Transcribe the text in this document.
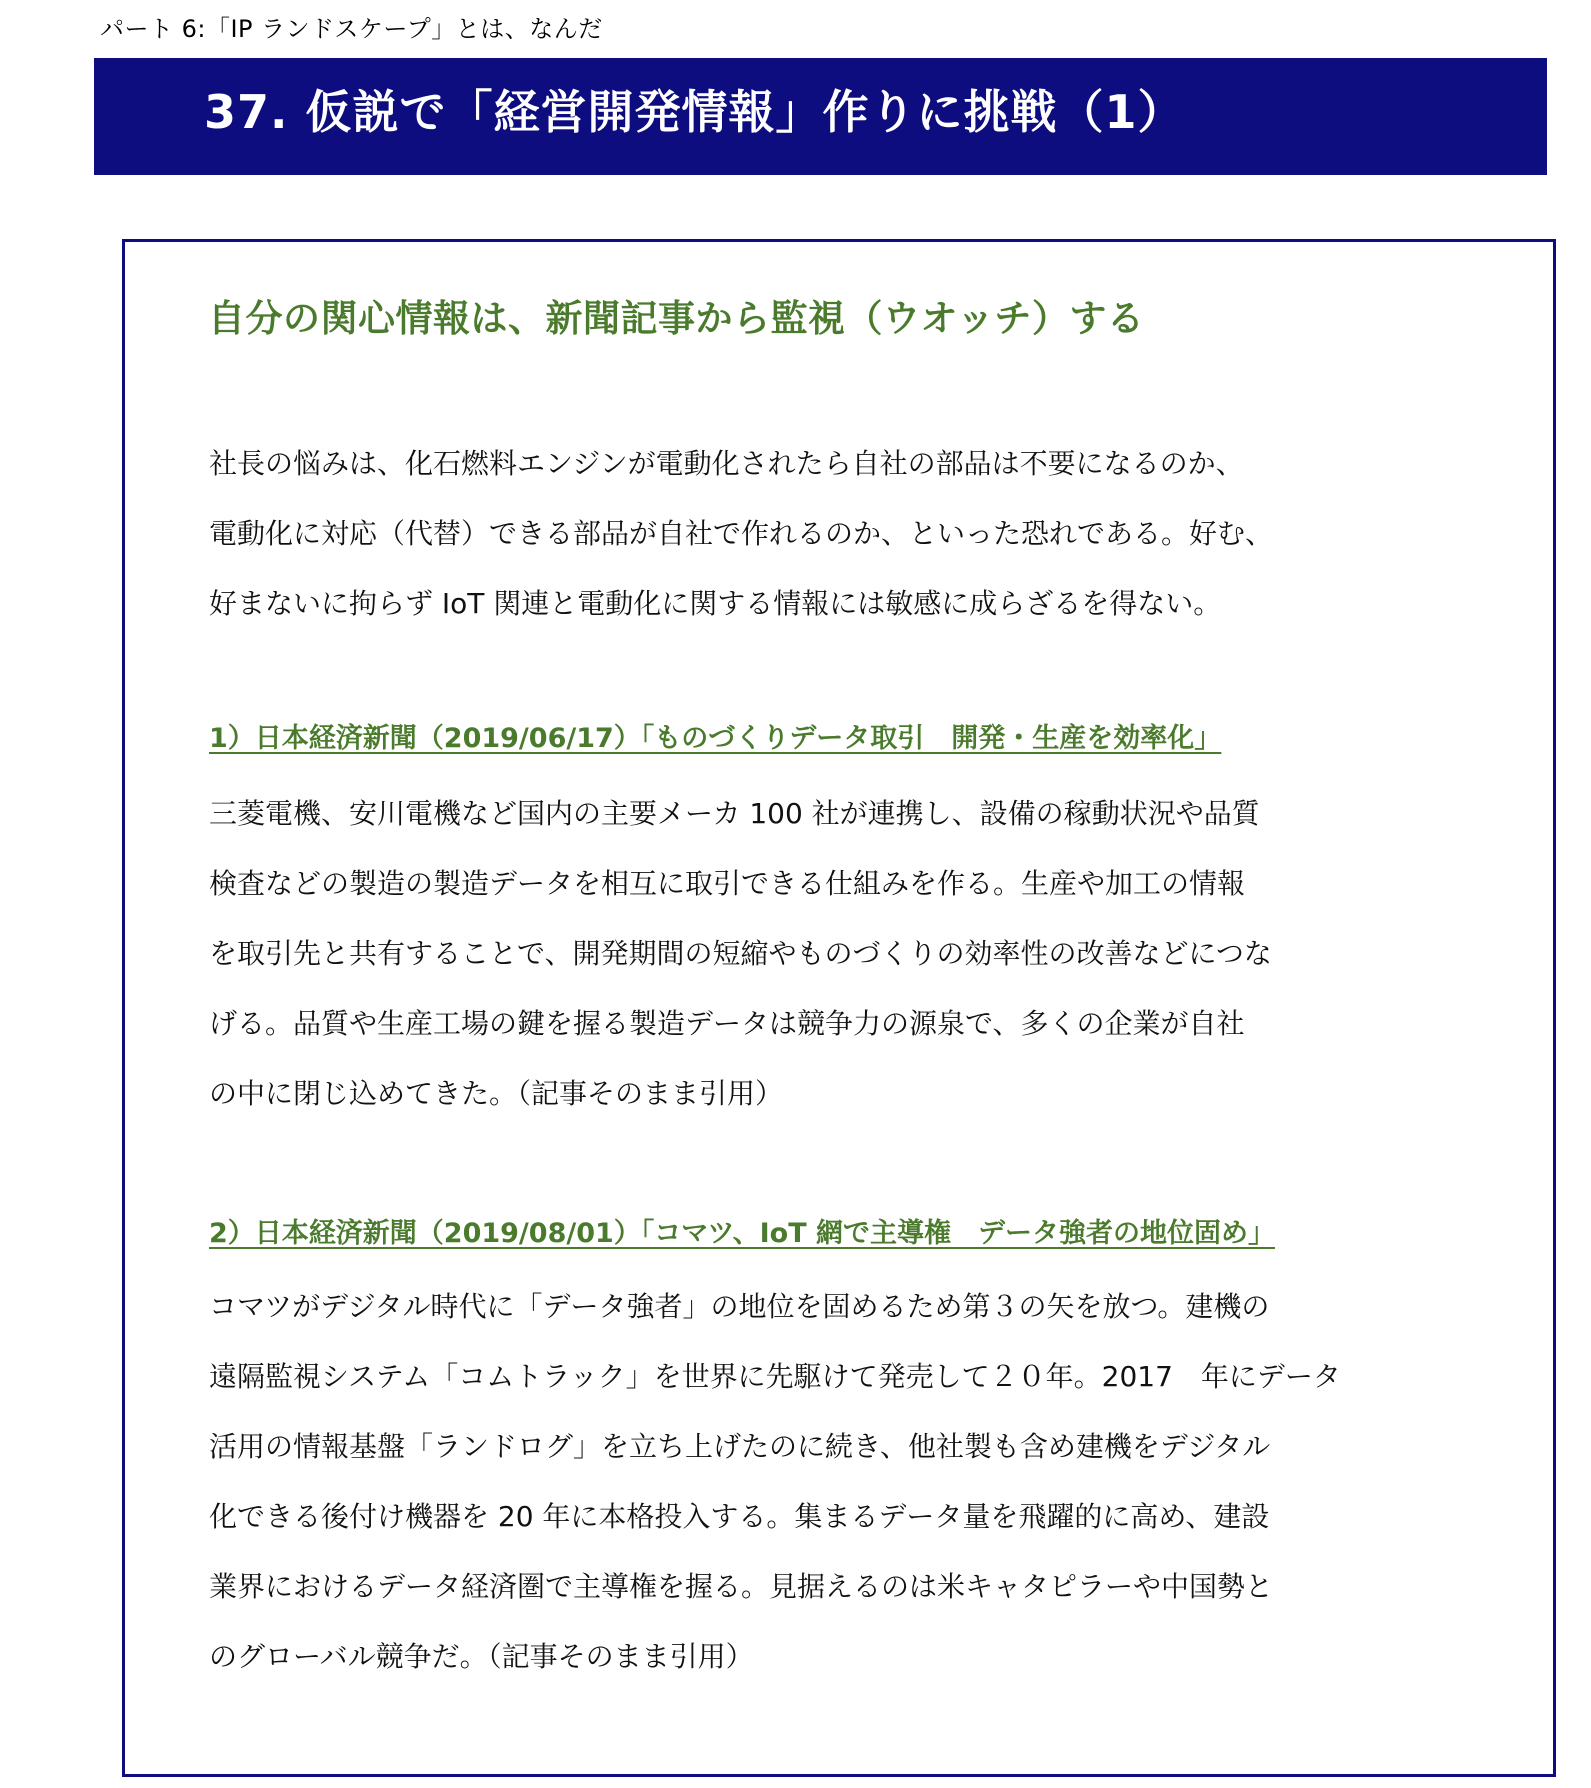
パート 6:「IP ランドスケープ」とは、なんだ
37. 仮説で「経営開発情報」作りに挑戦（1）
自分の関心情報は、新聞記事から監視（ウオッチ）する
社長の悩みは、化石燃料エンジンが電動化されたら自社の部品は不要になるのか、
電動化に対応（代替）できる部品が自社で作れるのか、といった恐れである。好む、
好まないに拘らず IoT 関連と電動化に関する情報には敏感に成らざるを得ない。
1）日本経済新聞（2019/06/17）「ものづくりデータ取引　開発・生産を効率化」
三菱電機、安川電機など国内の主要メーカ 100 社が連携し、設備の稼動状況や品質
検査などの製造の製造データを相互に取引できる仕組みを作る。生産や加工の情報
を取引先と共有することで、開発期間の短縮やものづくりの効率性の改善などにつな
げる。品質や生産工場の鍵を握る製造データは競争力の源泉で、多くの企業が自社
の中に閉じ込めてきた。（記事そのまま引用）
2）日本経済新聞（2019/08/01）「コマツ、IoT 網で主導権　データ強者の地位固め」
コマツがデジタル時代に「データ強者」の地位を固めるため第３の矢を放つ。建機の
遠隔監視システム「コムトラック」を世界に先駆けて発売して２０年。2017　年にデータ
活用の情報基盤「ランドログ」を立ち上げたのに続き、他社製も含め建機をデジタル
化できる後付け機器を 20 年に本格投入する。集まるデータ量を飛躍的に高め、建設
業界におけるデータ経済圏で主導権を握る。見据えるのは米キャタピラーや中国勢と
のグローバル競争だ。（記事そのまま引用）
